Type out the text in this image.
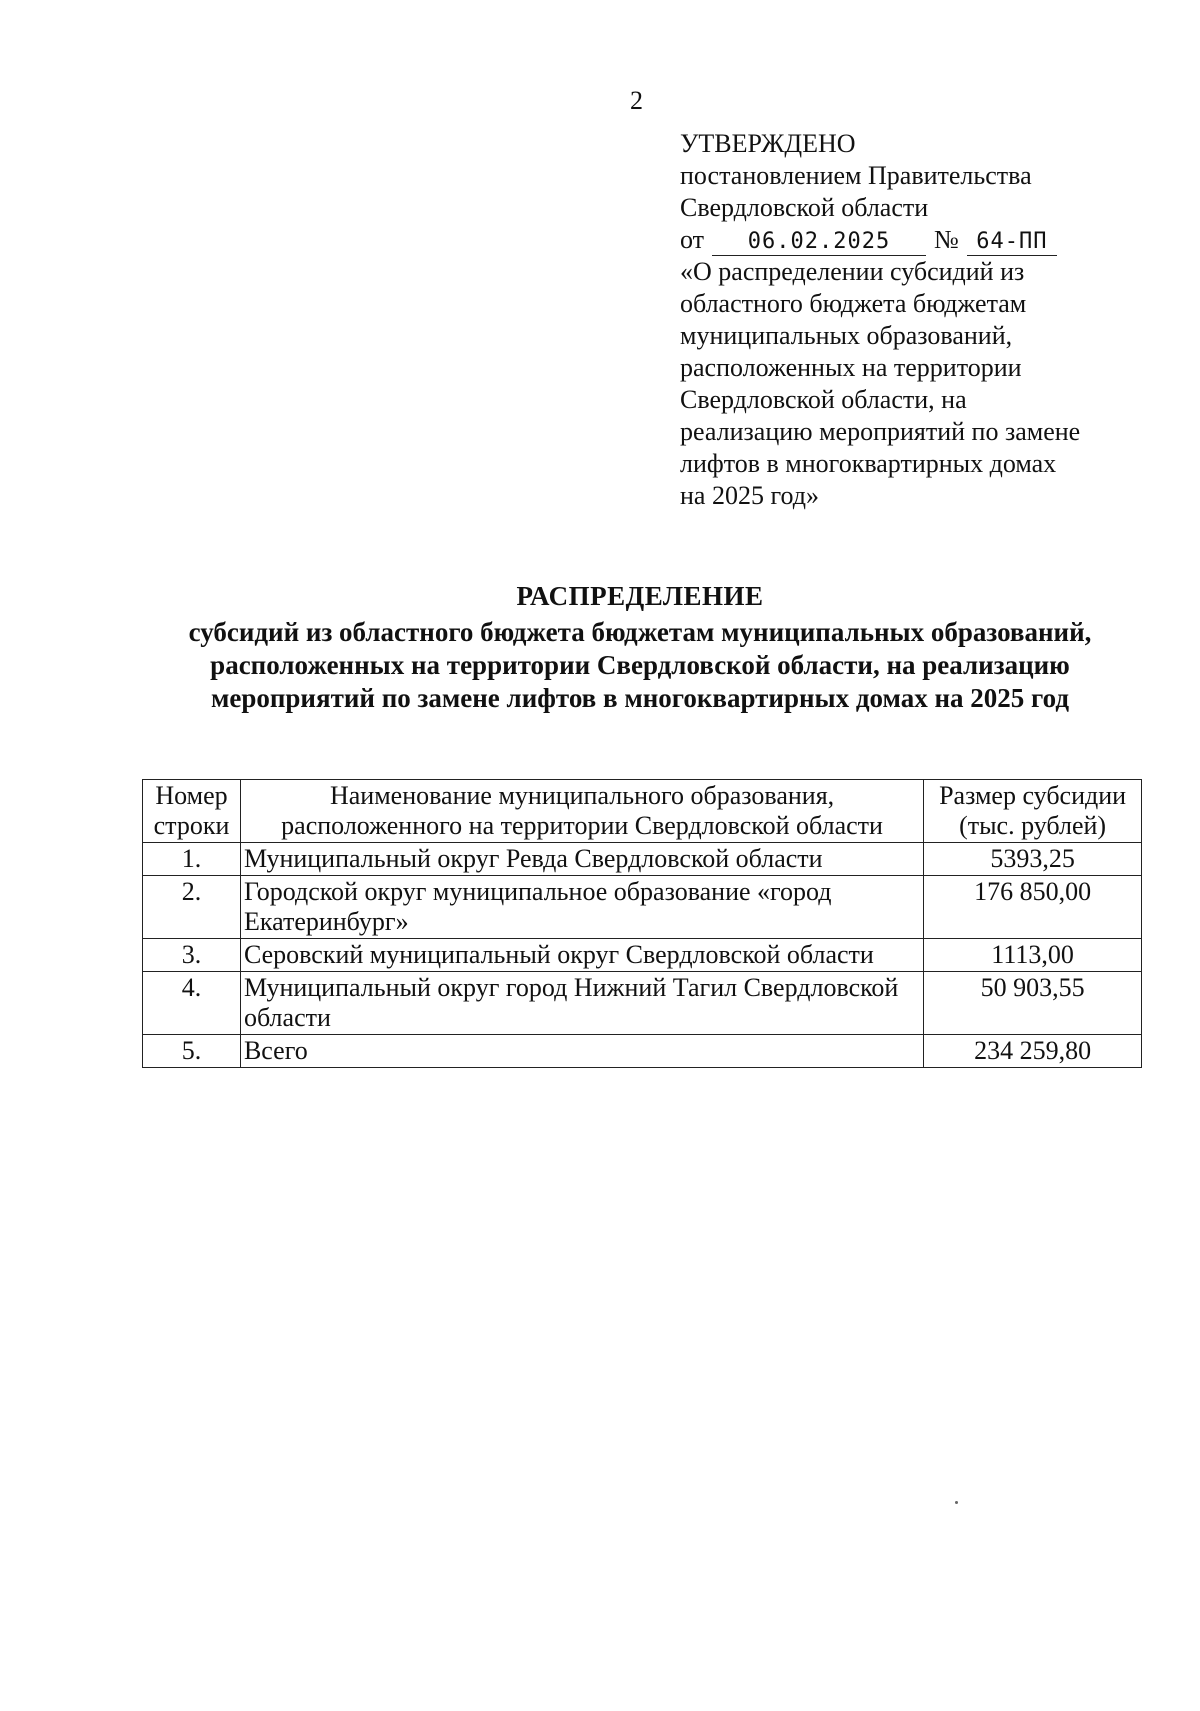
2
УТВЕРЖДЕНО
постановлением Правительства
Свердловской области
от	06.02.2025	№ 64-ПП
«О распределении субсидий из
областного бюджета бюджетам
муниципальных образований,
расположенных на территории
Свердловской области, на
реализацию мероприятий по замене
лифтов в многоквартирных домах
на 2025 год»
РАСПРЕДЕЛЕНИЕ
субсидий из областного бюджета бюджетам муниципальных образований,
расположенных на территории Свердловской области, на реализацию
мероприятий по замене лифтов в многоквартирных домах на 2025 год
Номер строки	Наименование муниципального образования, расположенного на территории Свердловской области	Размер субсидии (тыс. рублей)
1.	Муниципальный округ Ревда Свердловской области	5393,25
2.	Городской округ муниципальное образование «город Екатеринбург»	176 850,00
3.	Серовский муниципальный округ Свердловской области	1113,00
4.	Муниципальный округ город Нижний Тагил Свердловской области	50 903,55
5.	Всего	234 259,80
